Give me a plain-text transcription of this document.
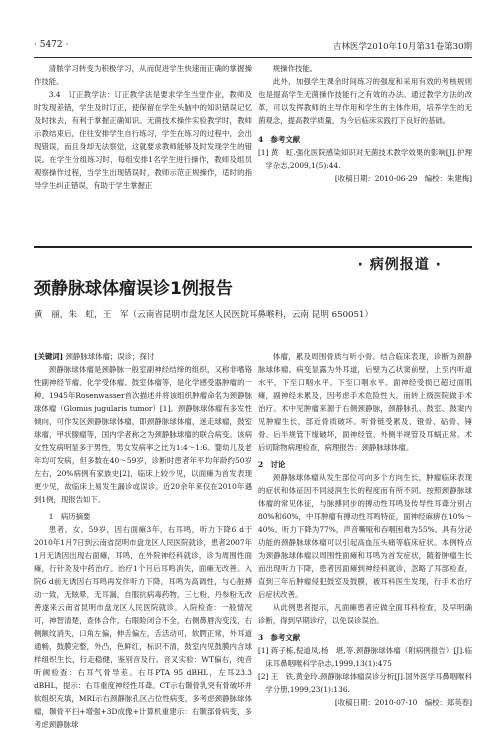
· 5472 ·	吉林医学2010年10月第31卷第30期

清脓学习转变为积极学习，从而促进学生快速而正确的掌握操作技能。

3.4　订正教学法：订正教学法是要求学生当堂作业，教师及时发现差错，学生及时订正，使保留在学生头脑中的知识错误记忆及时抹去，有利于掌握正确知识。无菌技术操作实验教学时，教师示教结束后，住往安排学生自行练习，学生在练习的过程中，会出现错误，而且身却无法察觉，这就要求教师能够及时发现学生的错误。在学生分组练习时，每组安排1名学生进行操作，教师及组员观察操作过程，当学生出现错误时，教师示范正规操作，适时的指导学生纠正错误，有助于学生掌握正

规操作技能。

此外，加强学生课余时间练习的强度和采用有效的考核规则也是提高学生无菌操作技能行之有效的办法。通过教学方法的改革，可以发挥教师的主导作用和学生的主体作用，培养学生的无菌观念，提高教学质量，为今后临床实践打下良好的基础。

4　参考文献

[1] 黄　虹.强化医院感染知识对无菌技术教学效果的影响[J].护理学杂志,2009,1(5):44.

[收稿日期：2010-06-29　编校：朱建梅]

· 病例报道 ·
颈静脉球体瘤误诊1例报告
黄　丽，朱　虹，王　军（云南省昆明市盘龙区人民医院耳鼻喉科，云南 昆明 650051）

[关键词] 颈静脉球体瘤；误诊；探讨

颈静脉球体瘤是颈静脉一般室副神经结缔的组织，又称非嗜铬性副神经节瘤、化学受体瘤、鼓室体瘤等，是化学感受器肿瘤的一种。1945年Rosenwasser首次描述并将该组织肿瘤命名为颈静脉球体瘤（Glomus jugularis tumor）[1]。颈静脉球体瘤有多发性倾向，可作发区颈静脉球体瘤，即颈静脉球体瘤，迷走球瘤，鼓室球瘤，甲状腺瘤等，国内学者称之为颈静脉球瘤的联合病变。该病女性发病明显多于男性，男女发病率之比为1:4～1:6。婴幼儿及老年均可发病，但多数在40～59岁，诊断时患者年平均年龄约50岁左右，20%病例有家族史[2]，临床上较少见，以面瘫为首发表现更少见，故临床上易发生漏诊或误诊。近20余年来仅在2010年遇到1例，现报告如下。

1　病历摘要

患者，女，59岁，因右面瘫3年，右耳鸣，听力下降6 d于2010年1月7日到云南省昆明市盘龙区人民医院就诊，患者2007年1月无诱因出现右面瘫，耳鸣，在外院神经科就诊，诊为周围性面瘫，行针灸及中药治疗。治疗1个月后耳鸣消失，面瘫无改善。入院6 d前无诱因右耳鸣再发伴听力下降，耳鸣为高调性，与心脏搏动一致，无眩晕，无耳漏，自服抗病毒药物，三七粉，丹参粉无改善遂来云南省昆明市盘龙区人民医院就诊。入院检查：一般情况可，神智清楚，查体合作。右眼睑闭合不全，右侧鼻唇沟变浅，右侧额纹消失，口角左偏，伸舌偏左，舌活动可，软腭正常，外耳道通畅，鼓膜完整，外凸，色鲜红，标识不清，鼓室内见鼓膜内含球样组织生长，行走稳健，鉴别音及行。音叉实验：WT偏右，纯音听阈检查：右耳气骨导差。右耳PTA 95 dBHL，左耳23.3 dBHL，提示：右耳重度神经性耳聋。CT示右颞骨乳突有骨破坏并软组织充填，MRI示右颈静脉孔区占位性病变，多考虑颈静脉球体瘤，颞骨平扫+增强+3D成像+计算机重建示：右颞部骨病变，多考虑颈静脉球

体瘤，累及周围骨质与听小骨。结合临床表现，诊断为颈静脉球体瘤。病变显露为外耳道，后壁为乙状窦前壁，上至内听道水平，下至口咽水平。下至口咽水平。面神经受损已超过面肌瘫，副神经未累及，因考虑手术危险性大，而转上级医院做手术治疗。术中见肿瘤来源于右侧颈静脉，颈静脉孔、鼓室、鼓窦内见肿瘤生长，部近骨质破坏。听骨链受累及，镫骨、砧骨、锤骨、后半规管下缘破坏，面神经管、外侧半规管及耳蜗正常。术后切除物病理检查，病理报告：颈静脉球体瘤。

2　讨论

颈静脉球体瘤从发生部位可向多个方向生长，肿瘤临床表现的症状和体征因不同浸润生长的程度而有所不同。按照颈静脉球体瘤的常见体征，与脉搏同步的搏动性耳鸣及传导性耳聋分别占80%和60%，中耳肿瘤有搏动性耳鸣特征，面神经麻痹在10%～40%。听力下降为77%，声音嘶哑和吞咽困难为55%。具有分泌功能的颈静脉球体瘤可以引起高血压头痛等临床症状。本例特点为颈静脉球体瘤以周围性面瘫和耳鸣为首发症状，随着肿瘤生长而出现听力下降，患者因面瘫到神经科就诊，忽略了耳部检查，直到三年后肿瘤侵犯鼓室及鼓膜，被耳科医生发现，行手术治疗后症状改善。

从此例患者提示，凡面瘫患者应做全面耳科检查，及早明确诊断，得到早期诊疗，以免误诊误治。

3　参考文献

[1] 蒋子栋,倪道凤,杨　堪,等.颈静脉球体瘤（附病例报告）[J].临床耳鼻咽喉科学杂志,1999,13(1):475

[2] 王　铁,黄金玲.颈静脉球体瘤误诊分析[J].国外医学耳鼻咽喉科学分册,1999,23(1):136.

[收稿日期：2010-07-10　编校：郑英春]
